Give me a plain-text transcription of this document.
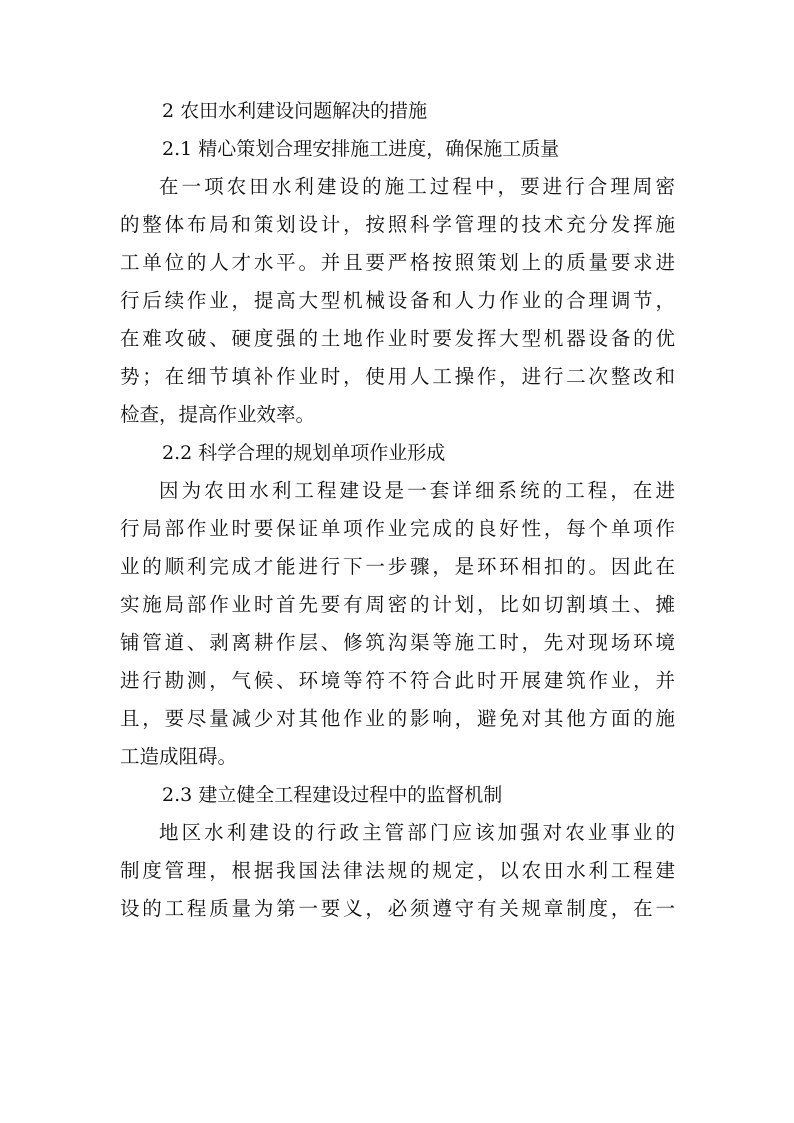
2 农田水利建设问题解决的措施
2.1 精心策划合理安排施工进度，确保施工质量

在一项农田水利建设的施工过程中，要进行合理周密
的整体布局和策划设计，按照科学管理的技术充分发挥施
工单位的人才水平。并且要严格按照策划上的质量要求进
行后续作业，提高大型机械设备和人力作业的合理调节，
在难攻破、硬度强的土地作业时要发挥大型机器设备的优
势；在细节填补作业时，使用人工操作，进行二次整改和
检查，提高作业效率。

2.2 科学合理的规划单项作业形成

因为农田水利工程建设是一套详细系统的工程，在进
行局部作业时要保证单项作业完成的良好性，每个单项作
业的顺利完成才能进行下一步骤，是环环相扣的。因此在
实施局部作业时首先要有周密的计划，比如切割填土、摊
铺管道、剥离耕作层、修筑沟渠等施工时，先对现场环境
进行勘测，气候、环境等符不符合此时开展建筑作业，并
且，要尽量减少对其他作业的影响，避免对其他方面的施
工造成阻碍。

2.3 建立健全工程建设过程中的监督机制

地区水利建设的行政主管部门应该加强对农业事业的
制度管理，根据我国法律法规的规定，以农田水利工程建
设的工程质量为第一要义，必须遵守有关规章制度，在一
